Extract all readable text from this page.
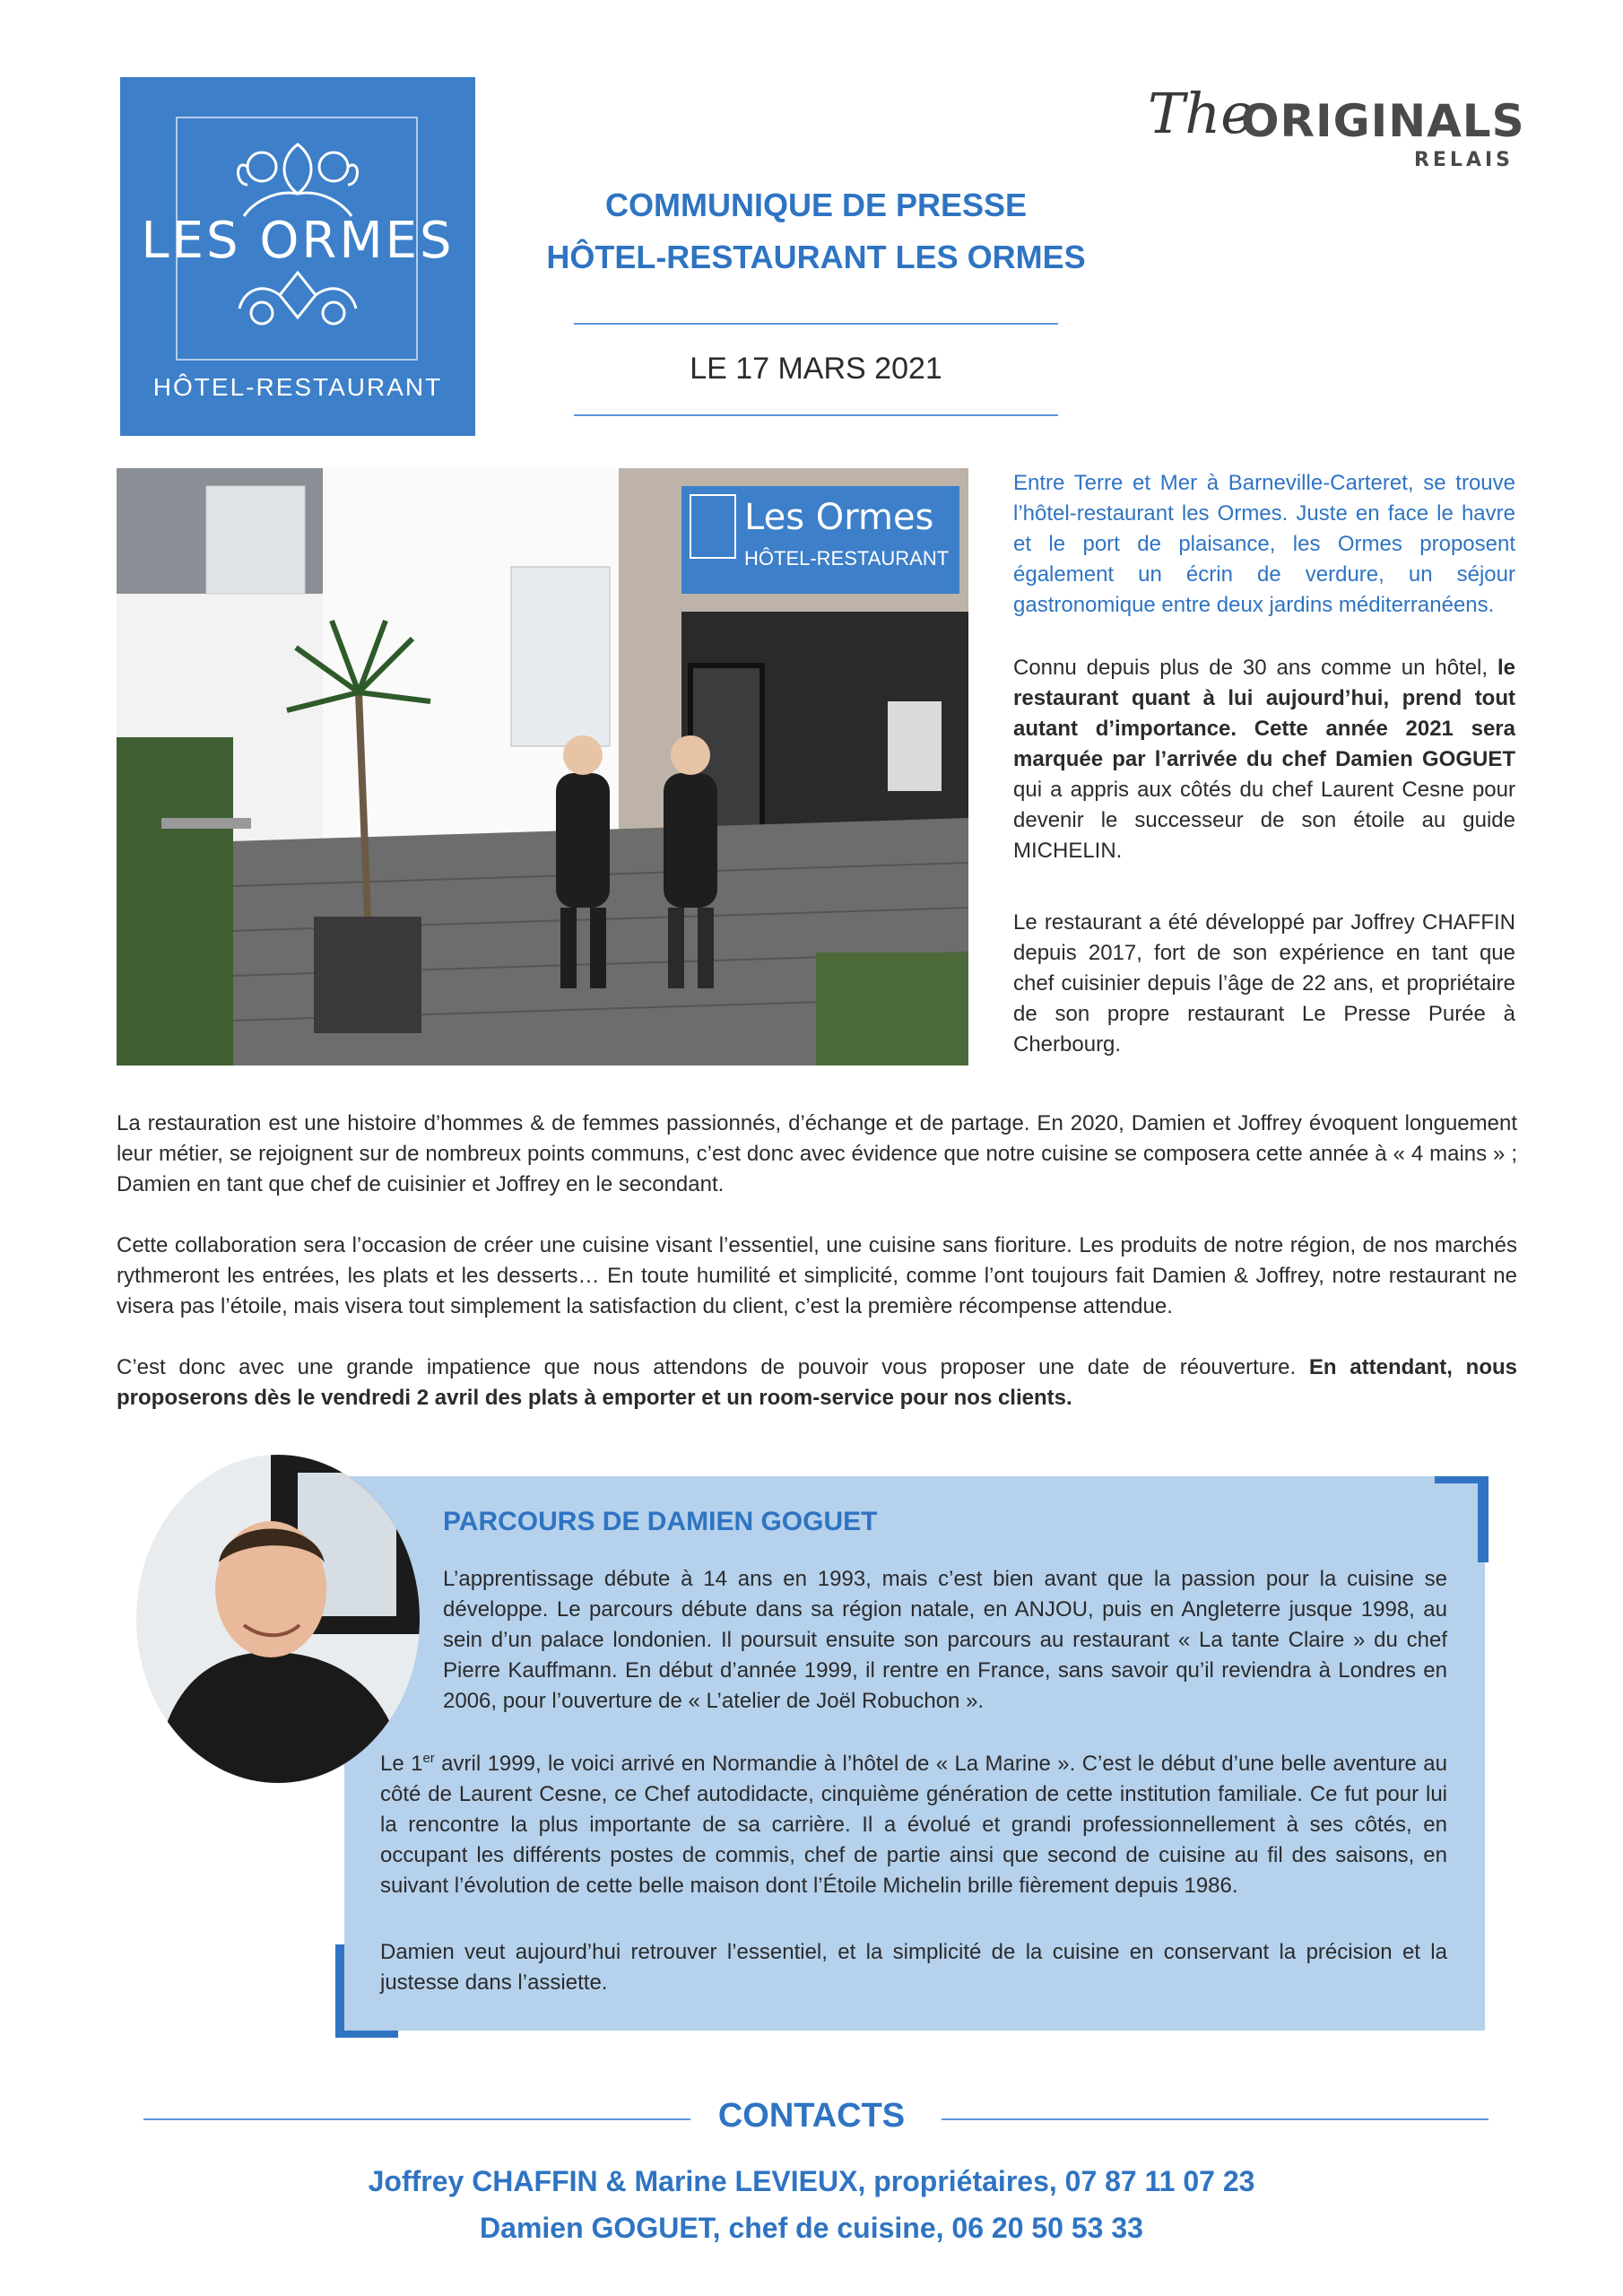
LES ORMES
HÔTEL-RESTAURANT
The
ORIGINALS
RELAIS
COMMUNIQUE DE PRESSE
HÔTEL-RESTAURANT LES ORMES
LE 17 MARS 2021
Les Ormes
HÔTEL-RESTAURANT
Entre Terre et Mer à Barneville-Carteret, se trouve l’hôtel-restaurant les Ormes. Juste en face le havre et le port de plaisance, les Ormes proposent également un écrin de verdure, un séjour gastronomique entre deux jardins méditerranéens.
Connu depuis plus de 30 ans comme un hôtel, le restaurant quant à lui aujourd’hui, prend tout autant d’importance. Cette année 2021 sera marquée par l’arrivée du chef Damien GOGUET qui a appris aux côtés du chef Laurent Cesne pour devenir le successeur de son étoile au guide MICHELIN.
Le restaurant a été développé par Joffrey CHAFFIN depuis 2017, fort de son expérience en tant que chef cuisinier depuis l’âge de 22 ans, et propriétaire de son propre restaurant Le Presse Purée à Cherbourg.
La restauration est une histoire d’hommes & de femmes passionnés, d’échange et de partage. En 2020, Damien et Joffrey évoquent longuement leur métier, se rejoignent sur de nombreux points communs, c’est donc avec évidence que notre cuisine se composera cette année à « 4 mains » ; Damien en tant que chef de cuisinier et Joffrey en le secondant.
Cette collaboration sera l’occasion de créer une cuisine visant l’essentiel, une cuisine sans fioriture. Les produits de notre région, de nos marchés rythmeront les entrées, les plats et les desserts… En toute humilité et simplicité, comme l’ont toujours fait Damien & Joffrey, notre restaurant ne visera pas l’étoile, mais visera tout simplement la satisfaction du client, c’est la première récompense attendue.
C’est donc avec une grande impatience que nous attendons de pouvoir vous proposer une date de réouverture. En attendant, nous proposerons dès le vendredi 2 avril des plats à emporter et un room-service pour nos clients.
PARCOURS DE DAMIEN GOGUET
L’apprentissage débute à 14 ans en 1993, mais c’est bien avant que la passion pour la cuisine se développe. Le parcours débute dans sa région natale, en ANJOU, puis en Angleterre jusque 1998, au sein d’un palace londonien. Il poursuit ensuite son parcours au restaurant « La tante Claire » du chef Pierre Kauffmann. En début d’année 1999, il rentre en France, sans savoir qu’il reviendra à Londres en 2006, pour l’ouverture de « L’atelier de Joël Robuchon ».
Le 1er avril 1999, le voici arrivé en Normandie à l’hôtel de « La Marine ». C’est le début d’une belle aventure au côté de Laurent Cesne, ce Chef autodidacte, cinquième génération de cette institution familiale. Ce fut pour lui la rencontre la plus importante de sa carrière. Il a évolué et grandi professionnellement à ses côtés, en occupant les différents postes de commis, chef de partie ainsi que second de cuisine au fil des saisons, en suivant l’évolution de cette belle maison dont l’Étoile Michelin brille fièrement depuis 1986.
Damien veut aujourd’hui retrouver l’essentiel, et la simplicité de la cuisine en conservant la précision et la justesse dans l’assiette.
CONTACTS
Joffrey CHAFFIN & Marine LEVIEUX, propriétaires, 07 87 11 07 23
Damien GOGUET, chef de cuisine, 06 20 50 53 33
